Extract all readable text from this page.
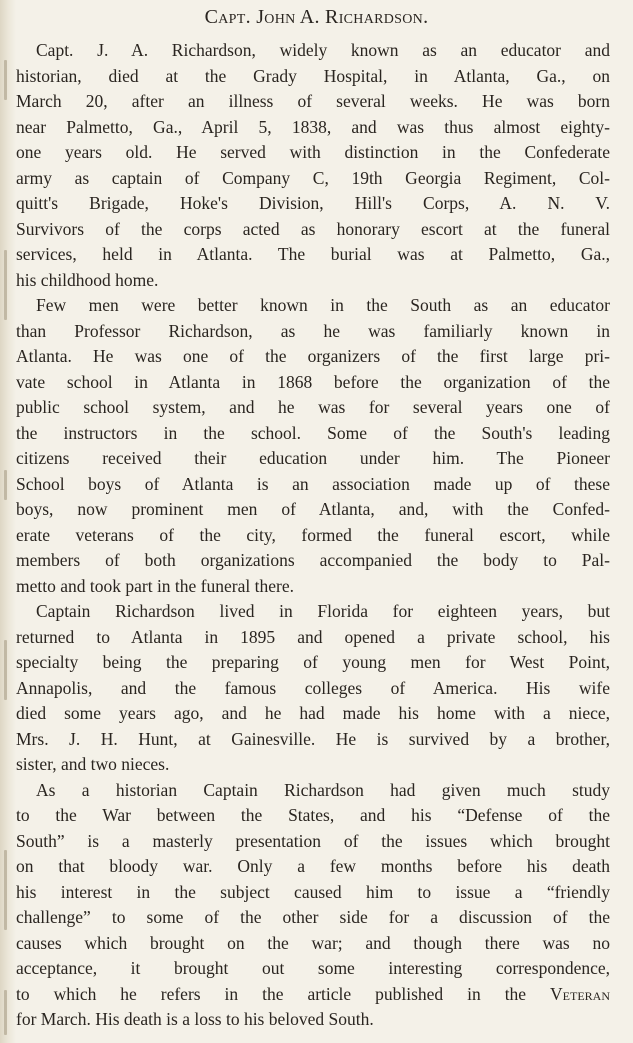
Capt. John A. Richardson.
Capt. J. A. Richardson, widely known as an educator and
historian, died at the Grady Hospital, in Atlanta, Ga., on
March 20, after an illness of several weeks. He was born
near Palmetto, Ga., April 5, 1838, and was thus almost eighty-
one years old. He served with distinction in the Confederate
army as captain of Company C, 19th Georgia Regiment, Col-
quitt's Brigade, Hoke's Division, Hill's Corps, A. N. V.
Survivors of the corps acted as honorary escort at the funeral
services, held in Atlanta. The burial was at Palmetto, Ga.,
his childhood home.
Few men were better known in the South as an educator
than Professor Richardson, as he was familiarly known in
Atlanta. He was one of the organizers of the first large pri-
vate school in Atlanta in 1868 before the organization of the
public school system, and he was for several years one of
the instructors in the school. Some of the South's leading
citizens received their education under him. The Pioneer
School boys of Atlanta is an association made up of these
boys, now prominent men of Atlanta, and, with the Confed-
erate veterans of the city, formed the funeral escort, while
members of both organizations accompanied the body to Pal-
metto and took part in the funeral there.
Captain Richardson lived in Florida for eighteen years, but
returned to Atlanta in 1895 and opened a private school, his
specialty being the preparing of young men for West Point,
Annapolis, and the famous colleges of America. His wife
died some years ago, and he had made his home with a niece,
Mrs. J. H. Hunt, at Gainesville. He is survived by a brother,
sister, and two nieces.
As a historian Captain Richardson had given much study
to the War between the States, and his “Defense of the
South” is a masterly presentation of the issues which brought
on that bloody war. Only a few months before his death
his interest in the subject caused him to issue a “friendly
challenge” to some of the other side for a discussion of the
causes which brought on the war; and though there was no
acceptance, it brought out some interesting correspondence,
to which he refers in the article published in the Veteran
for March. His death is a loss to his beloved South.
